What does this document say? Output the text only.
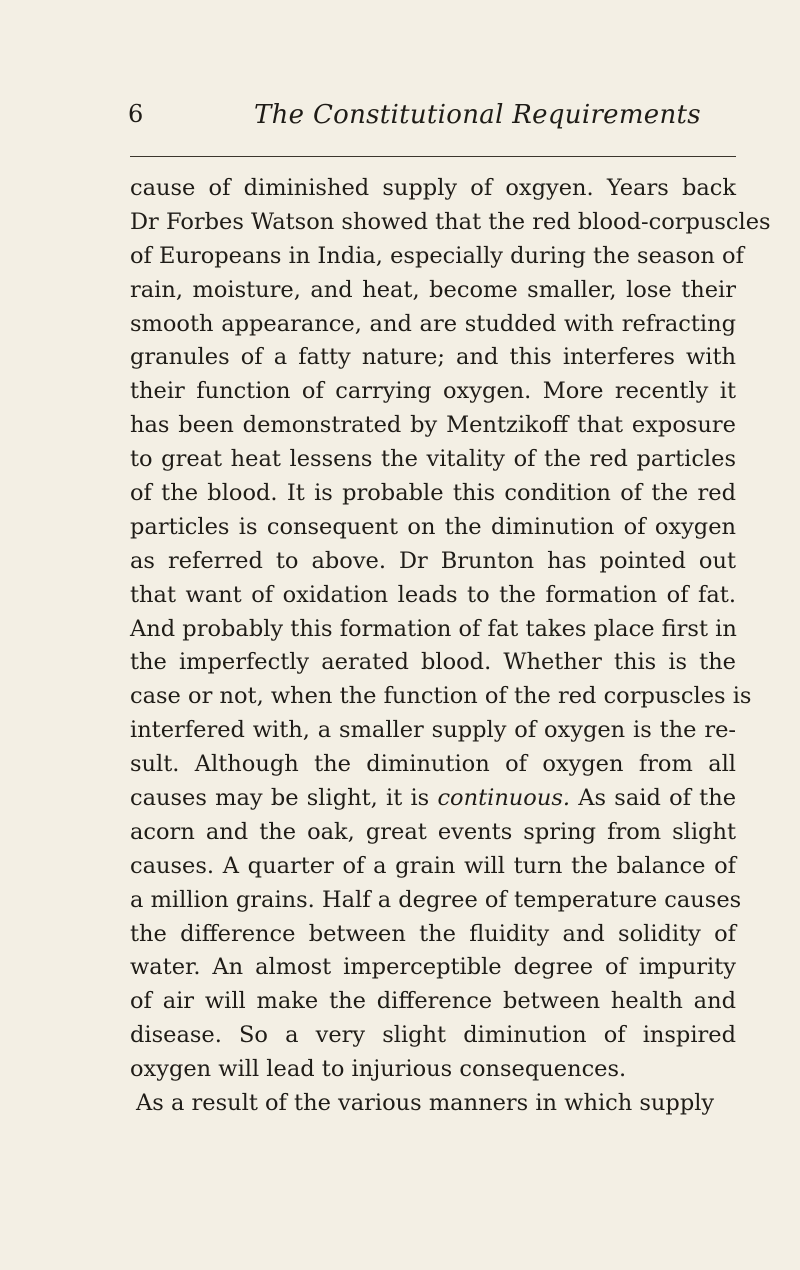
6	The Constitutional Requirements
cause of diminished supply of oxgyen. Years back
Dr Forbes Watson showed that the red blood-corpuscles
of Europeans in India, especially during the season of
rain, moisture, and heat, become smaller, lose their
smooth appearance, and are studded with refracting
granules of a fatty nature; and this interferes with
their function of carrying oxygen. More recently it
has been demonstrated by Mentzikoff that exposure
to great heat lessens the vitality of the red particles
of the blood. It is probable this condition of the red
particles is consequent on the diminution of oxygen
as referred to above. Dr Brunton has pointed out
that want of oxidation leads to the formation of fat.
And probably this formation of fat takes place first in
the imperfectly aerated blood. Whether this is the
case or not, when the function of the red corpuscles is
interfered with, a smaller supply of oxygen is the re-
sult. Although the diminution of oxygen from all
causes may be slight, it is continuous. As said of the
acorn and the oak, great events spring from slight
causes. A quarter of a grain will turn the balance of
a million grains. Half a degree of temperature causes
the difference between the fluidity and solidity of
water. An almost imperceptible degree of impurity
of air will make the difference between health and
disease. So a very slight diminution of inspired
oxygen will lead to injurious consequences.
As a result of the various manners in which supply
